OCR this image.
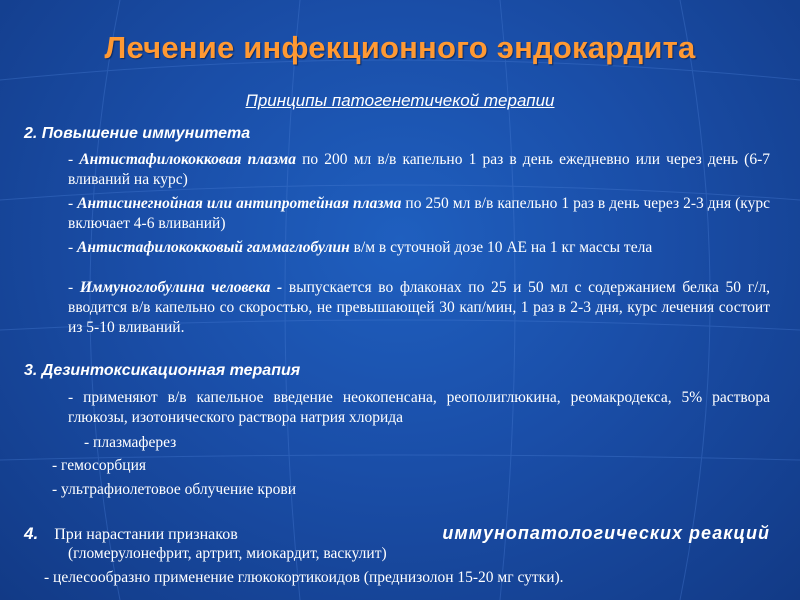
Лечение инфекционного эндокардита
Принципы патогенетичекой терапии
2. Повышение иммунитета
- Антистафилококковая плазма по 200 мл в/в капельно 1 раз в день ежедневно или через день (6-7 вливаний на курс)
- Антисинегнойная или антипротейная плазма по 250 мл в/в капельно 1 раз в день через 2-3 дня (курс включает 4-6 вливаний)
- Антистафилококковый гаммаглобулин в/м в суточной дозе 10 АЕ на 1 кг массы тела
- Иммуноглобулина человека - выпускается во флаконах по 25 и 50 мл с содержанием белка 50 г/л, вводится в/в капельно со скоростью, не превышающей 30 кап/мин, 1 раз в 2-3 дня, курс лечения состоит из 5-10 вливаний.
3. Дезинтоксикационная терапия
- применяют в/в капельное введение неокопенсана, реополиглюкина, реомакродекса, 5% раствора глюкозы, изотонического раствора натрия хлорида
- плазмаферез
- гемосорбция
- ультрафиолетовое облучение крови
4. При нарастании признаков	иммунопатологических реакций
(гломерулонефрит, артрит, миокардит, васкулит)
- целесообразно применение глюкокортикоидов (преднизолон 15-20 мг сутки).
